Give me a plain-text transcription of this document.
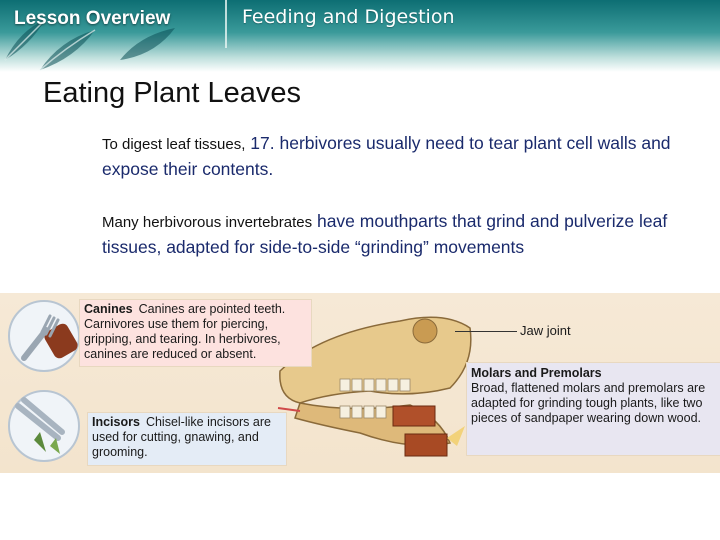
Lesson Overview	Feeding and Digestion
Eating Plant Leaves
To digest leaf tissues, 17. herbivores usually need to tear plant cell walls and expose their contents.
Many herbivorous invertebrates have mouthparts that grind and pulverize leaf tissues, adapted for side-to-side “grinding” movements
Canines Canines are pointed teeth. Carnivores use them for piercing, gripping, and tearing. In herbivores, canines are reduced or absent.
Incisors Chisel-like incisors are used for cutting, gnawing, and grooming.
Molars and Premolars
Broad, flattened molars and premolars are adapted for grinding tough plants, like two pieces of sandpaper wearing down wood.
Jaw joint
